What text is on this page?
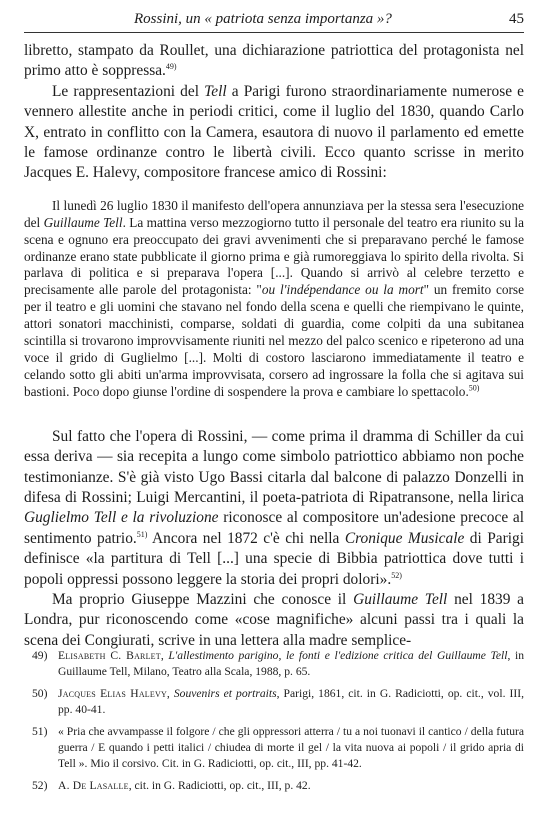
Rossini, un « patriota senza importanza »?	45

libretto, stampato da Roullet, una dichiarazione patriottica del protagonista nel primo atto è soppressa.$^{49)}$

Le rappresentazioni del Tell a Parigi furono straordinariamente numerose e vennero allestite anche in periodi critici, come il luglio del 1830, quando Carlo X, entrato in conflitto con la Camera, esautora di nuovo il parlamento ed emette le famose ordinanze contro le libertà civili. Ecco quanto scrisse in merito Jacques E. Halevy, compositore francese amico di Rossini:

Il lunedì 26 luglio 1830 il manifesto dell'opera annunziava per la stessa sera l'esecuzione del Guillaume Tell. La mattina verso mezzogiorno tutto il personale del teatro era riunito su la scena e ognuno era preoccupato dei gravi avvenimenti che si preparavano perché le famose ordinanze erano state pubblicate il giorno prima e già rumoreggiava lo spirito della rivolta. Si parlava di politica e si preparava l'opera [...]. Quando si arrivò al celebre terzetto e precisamente alle parole del protagonista: "ou l'indépendance ou la mort" un fremito corse per il teatro e gli uomini che stavano nel fondo della scena e quelli che riempivano le quinte, attori sonatori macchinisti, comparse, soldati di guardia, come colpiti da una subitanea scintilla si trovarono improvvisamente riuniti nel mezzo del palco scenico e ripeterono ad una voce il grido di Guglielmo [...]. Molti di costoro lasciarono immediatamente il teatro e celando sotto gli abiti un'arma improvvisata, corsero ad ingrossare la folla che si agitava sui bastioni. Poco dopo giunse l'ordine di sospendere la prova e cambiare lo spettacolo.$^{50)}$

Sul fatto che l'opera di Rossini, — come prima il dramma di Schiller da cui essa deriva — sia recepita a lungo come simbolo patriottico abbiamo non poche testimonianze. S'è già visto Ugo Bassi citarla dal balcone di palazzo Donzelli in difesa di Rossini; Luigi Mercantini, il poeta-patriota di Ripatransone, nella lirica Guglielmo Tell e la rivoluzione riconosce al compositore un'adesione precoce al sentimento patrio.$^{51)}$ Ancora nel 1872 c'è chi nella Cronique Musicale di Parigi definisce «la partitura di Tell [...] una specie di Bibbia patriottica dove tutti i popoli oppressi possono leggere la storia dei propri dolori».$^{52)}$

Ma proprio Giuseppe Mazzini che conosce il Guillaume Tell nel 1839 a Londra, pur riconoscendo come «cose magnifiche» alcuni passi tra i quali la scena dei Congiurati, scrive in una lettera alla madre semplice-

49) Elisabeth C. Barlet, L'allestimento parigino, le fonti e l'edizione critica del Guillaume Tell, in Guillaume Tell, Milano, Teatro alla Scala, 1988, p. 65.

50) Jacques Elias Halevy, Souvenirs et portraits, Parigi, 1861, cit. in G. Radiciotti, op. cit., vol. III, pp. 40-41.

51) « Pria che avvampasse il folgore / che gli oppressori atterra / tu a noi tuonavi il cantico / della futura guerra / E quando i petti italici / chiudea di morte il gel / la vita nuova ai popoli / il grido apria di Tell ». Mio il corsivo. Cit. in G. Radiciotti, op. cit., III, pp. 41-42.

52) A. De Lasalle, cit. in G. Radiciotti, op. cit., III, p. 42.
